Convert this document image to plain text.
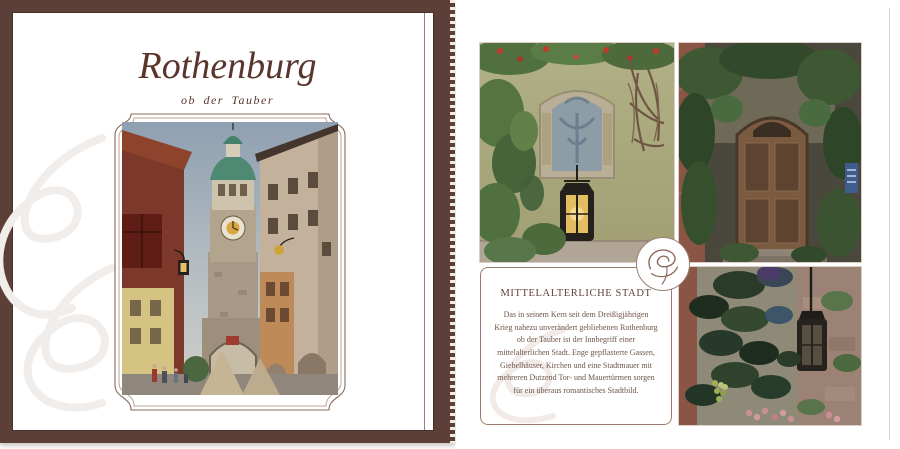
Rothenburg
ob der Tauber
MITTELALTERLICHE STADT
Das in seinem Kern seit dem Dreißigjährigen Krieg nahezu unverändert gebliebenen Rothenburg ob der Tauber ist der Innbegriff einer mittelalterlichen Stadt. Enge gepflasterte Gassen, Giebelhäuser, Kirchen und eine Stadtmauer mit mehreren Dutzend Tor- und Mauertürmen sorgen für ein überaus romantisches Stadtbild.
